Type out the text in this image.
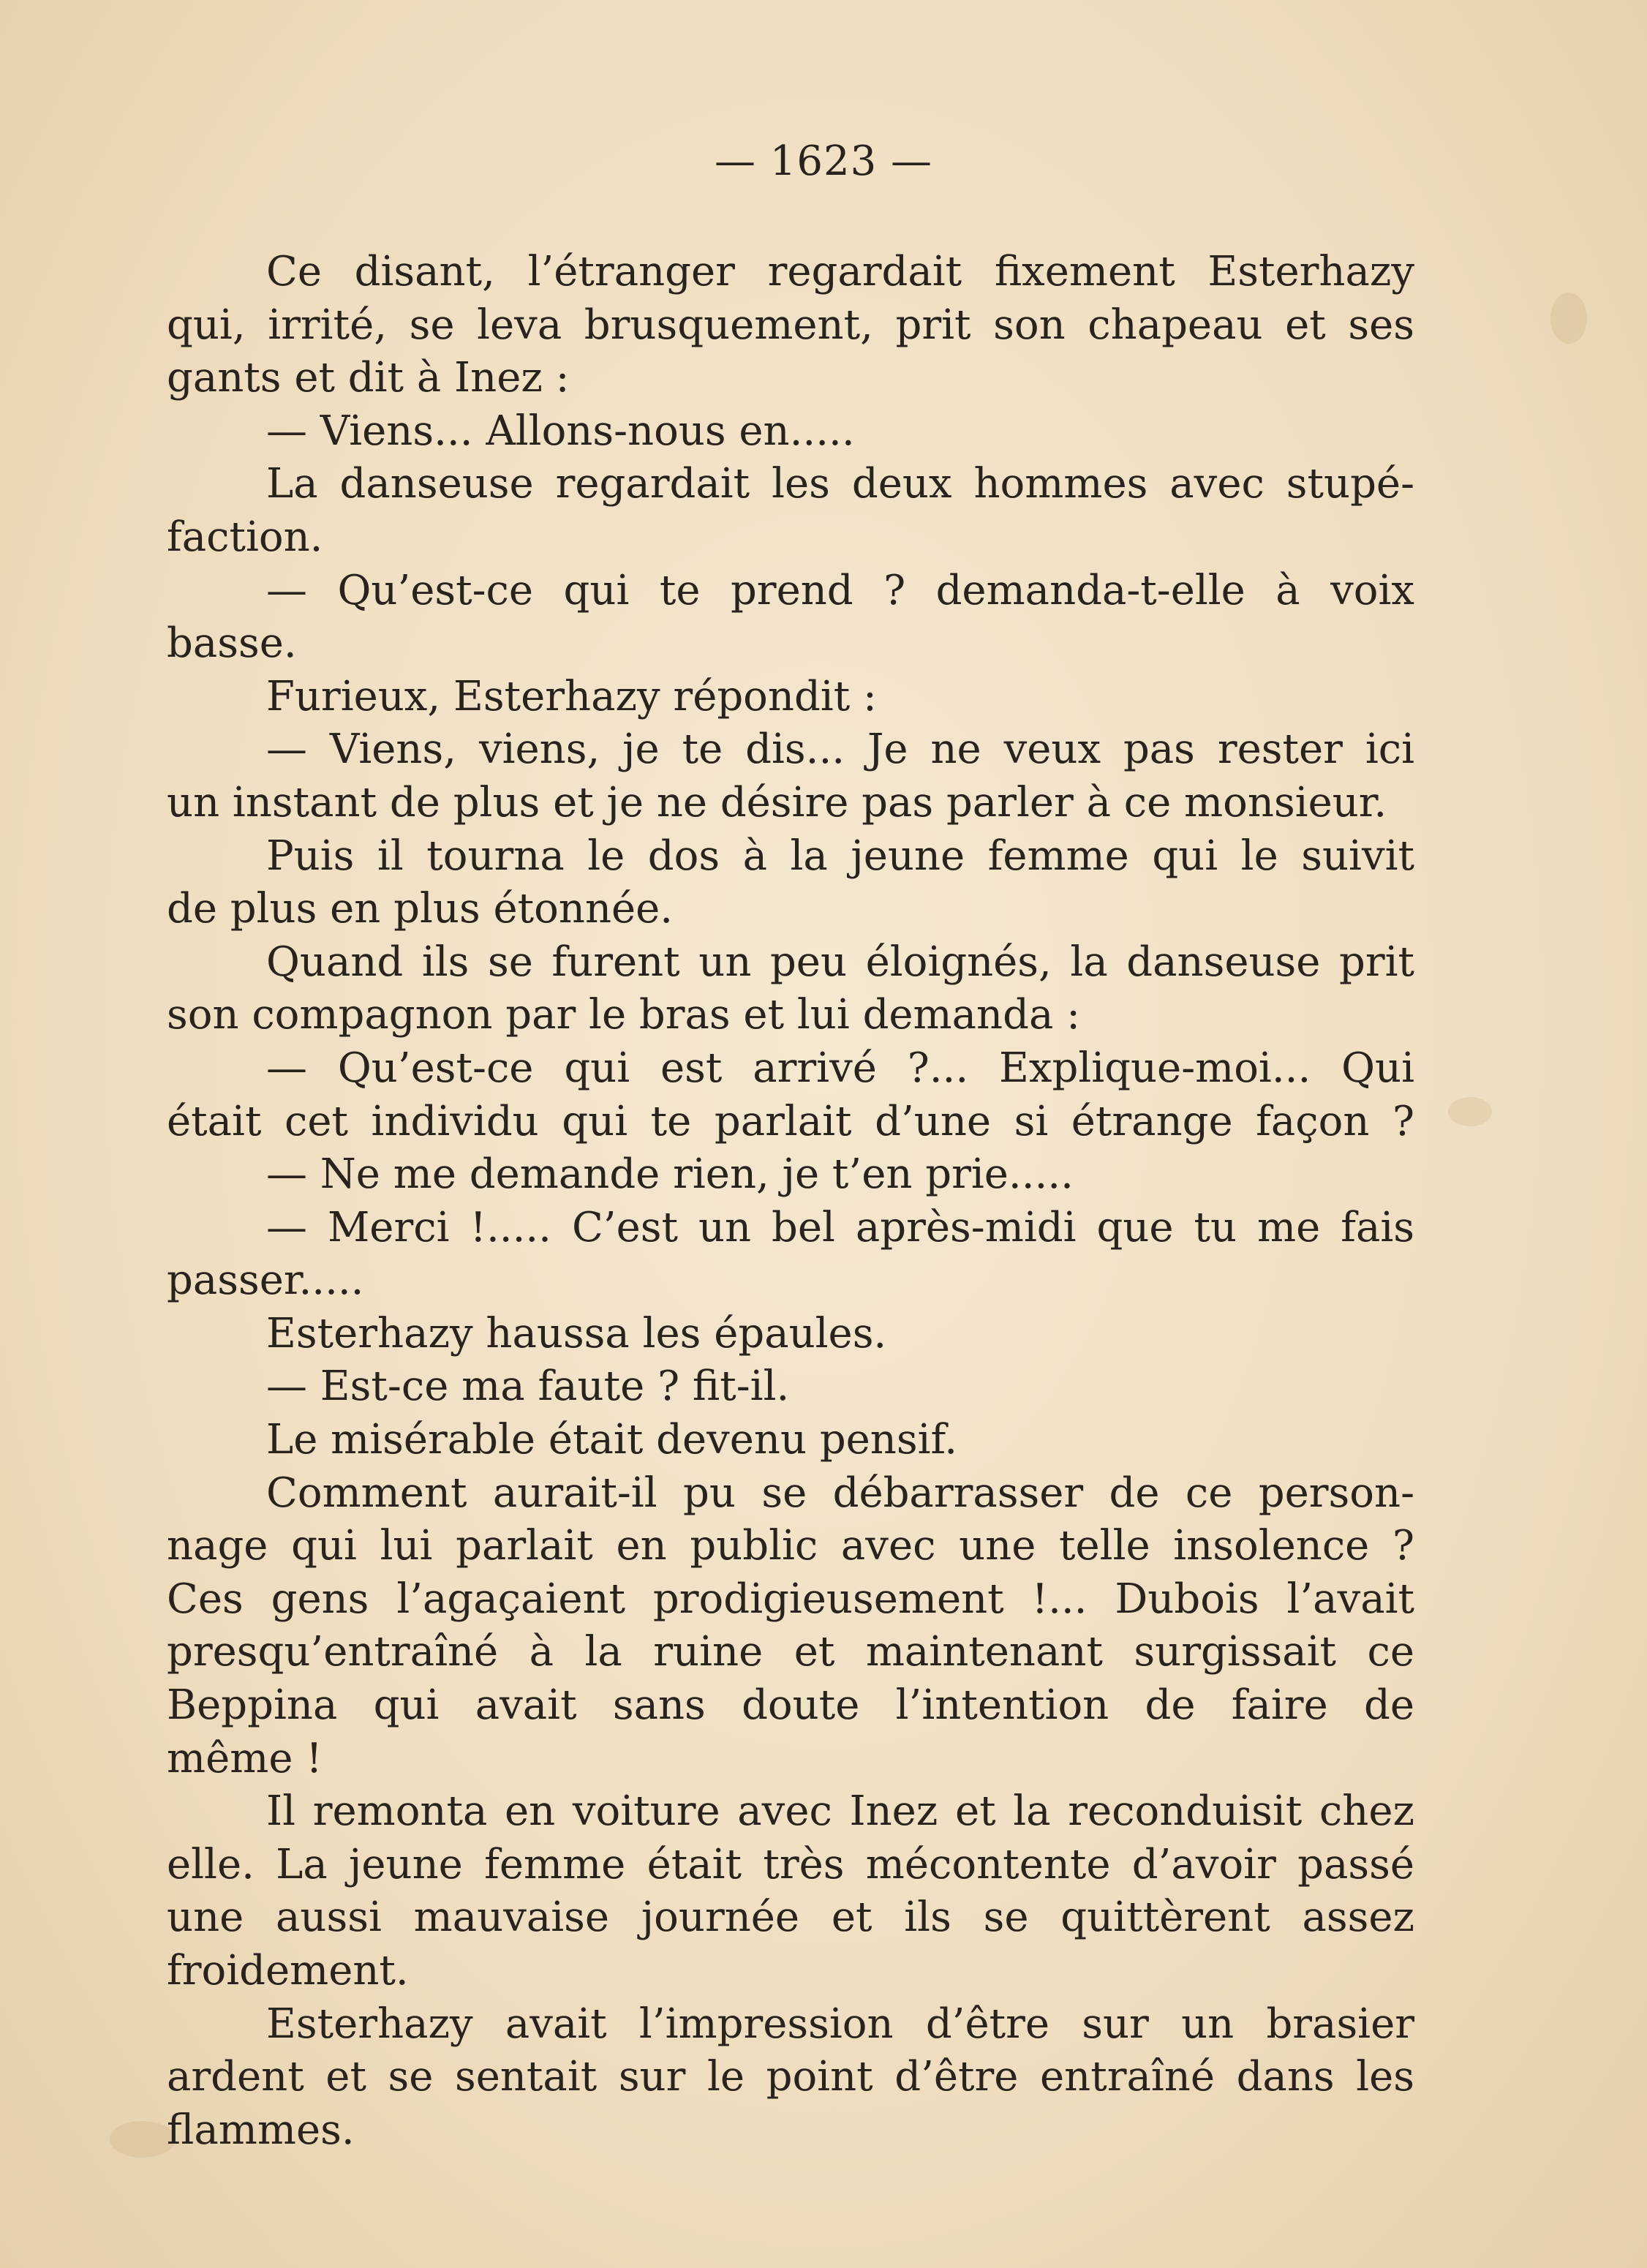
— 1623 —
Ce disant, l’étranger regardait fixement Esterhazy
qui, irrité, se leva brusquement, prit son chapeau et ses
gants et dit à Inez :
— Viens... Allons-nous en.....
La danseuse regardait les deux hommes avec stupé-
faction.
— Qu’est-ce qui te prend ? demanda-t-elle à voix
basse.
Furieux, Esterhazy répondit :
— Viens, viens, je te dis... Je ne veux pas rester ici
un instant de plus et je ne désire pas parler à ce monsieur.
Puis il tourna le dos à la jeune femme qui le suivit
de plus en plus étonnée.
Quand ils se furent un peu éloignés, la danseuse prit
son compagnon par le bras et lui demanda :
— Qu’est-ce qui est arrivé ?... Explique-moi... Qui
était cet individu qui te parlait d’une si étrange façon ?
— Ne me demande rien, je t’en prie.....
— Merci !..... C’est un bel après-midi que tu me fais
passer.....
Esterhazy haussa les épaules.
— Est-ce ma faute ? fit-il.
Le misérable était devenu pensif.
Comment aurait-il pu se débarrasser de ce person-
nage qui lui parlait en public avec une telle insolence ?
Ces gens l’agaçaient prodigieusement !... Dubois l’avait
presqu’entraîné à la ruine et maintenant surgissait ce
Beppina qui avait sans doute l’intention de faire de
même !
Il remonta en voiture avec Inez et la reconduisit chez
elle. La jeune femme était très mécontente d’avoir passé
une aussi mauvaise journée et ils se quittèrent assez
froidement.
Esterhazy avait l’impression d’être sur un brasier
ardent et se sentait sur le point d’être entraîné dans les
flammes.
